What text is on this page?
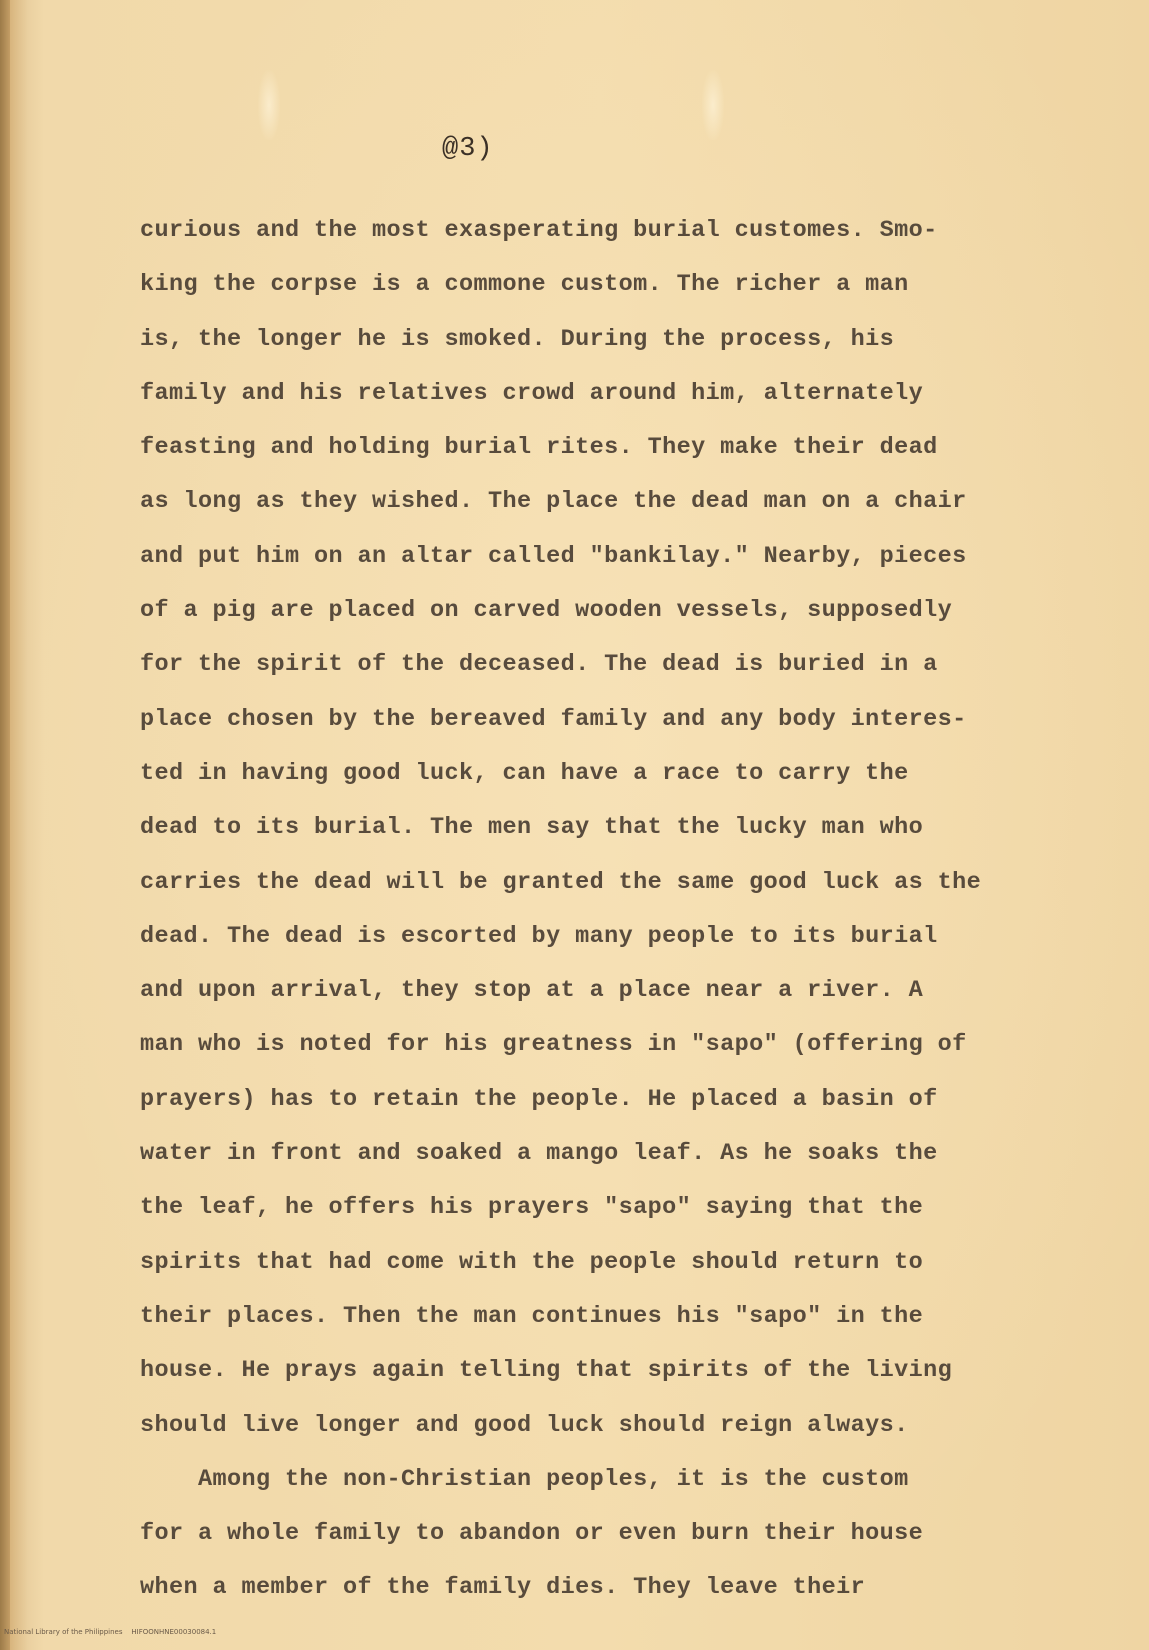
@3)
curious and the most exasperating burial customes. Smo-
king the corpse is a commone custom. The richer a man
is, the longer he is smoked. During the process, his
family and his relatives crowd around him, alternately
feasting and holding burial rites. They make their dead
as long as they wished. The place the dead man on a chair
and put him on an altar called "bankilay." Nearby, pieces
of a pig are placed on carved wooden vessels, supposedly
for the spirit of the deceased. The dead is buried in a
place chosen by the bereaved family and any body interes-
ted in having good luck, can have a race to carry the
dead to its burial. The men say that the lucky man who
carries the dead will be granted the same good luck as the
dead. The dead is escorted by many people to its burial
and upon arrival, they stop at a place near a river. A
man who is noted for his greatness in "sapo" (offering of
prayers) has to retain the people. He placed a basin of
water in front and soaked a mango leaf. As he soaks the
the leaf, he offers his prayers "sapo" saying that the
spirits that had come with the people should return to
their places. Then the man continues his "sapo" in the
house. He prays again telling that spirits of the living
should live longer and good luck should reign always.
Among the non-Christian peoples, it is the custom
for a whole family to abandon or even burn their house
when a member of the family dies. They leave their
National Library of the Philippines    HIFOONHNE00030084.1
